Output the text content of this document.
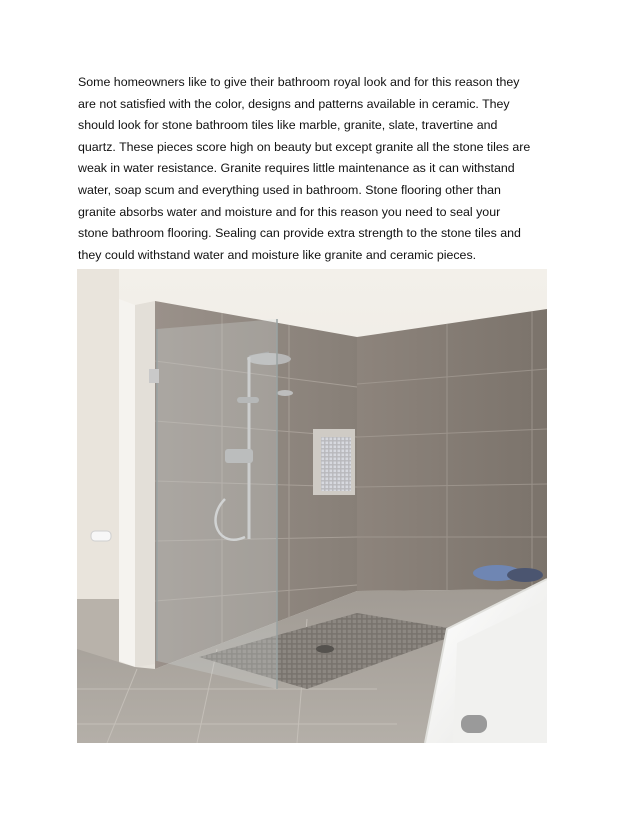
Some homeowners like to give their bathroom royal look and for this reason they
are not satisfied with the color, designs and patterns available in ceramic. They
should look for stone bathroom tiles like marble, granite, slate, travertine and
quartz. These pieces score high on beauty but except granite all the stone tiles are
weak in water resistance. Granite requires little maintenance as it can withstand
water, soap scum and everything used in bathroom. Stone flooring other than
granite absorbs water and moisture and for this reason you need to seal your
stone bathroom flooring. Sealing can provide extra strength to the stone tiles and
they could withstand water and moisture like granite and ceramic pieces.
